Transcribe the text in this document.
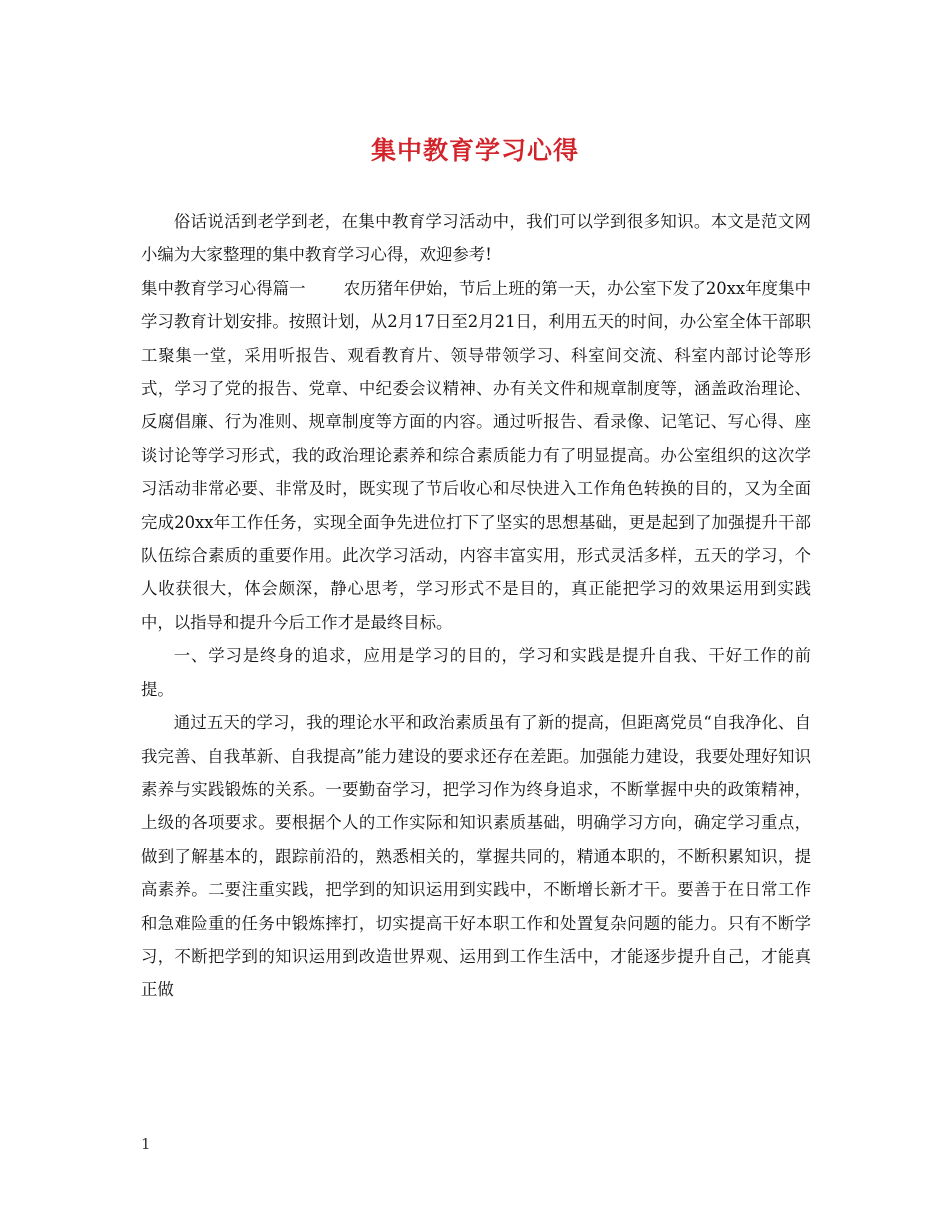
集中教育学习心得

俗话说活到老学到老，在集中教育学习活动中，我们可以学到很多知识。本文是范文网小编为大家整理的集中教育学习心得，欢迎参考!

集中教育学习心得篇一　　 农历猪年伊始，节后上班的第一天，办公室下发了20xx年度集中学习教育计划安排。按照计划，从2月17日至2月21日，利用五天的时间，办公室全体干部职工聚集一堂，采用听报告、观看教育片、领导带领学习、科室间交流、科室内部讨论等形式，学习了党的报告、党章、中纪委会议精神、办有关文件和规章制度等，涵盖政治理论、反腐倡廉、行为准则、规章制度等方面的内容。通过听报告、看录像、记笔记、写心得、座谈讨论等学习形式，我的政治理论素养和综合素质能力有了明显提高。办公室组织的这次学习活动非常必要、非常及时，既实现了节后收心和尽快进入工作角色转换的目的，又为全面完成20xx年工作任务，实现全面争先进位打下了坚实的思想基础，更是起到了加强提升干部队伍综合素质的重要作用。此次学习活动，内容丰富实用，形式灵活多样，五天的学习，个人收获很大，体会颇深，静心思考，学习形式不是目的，真正能把学习的效果运用到实践中，以指导和提升今后工作才是最终目标。

一、学习是终身的追求，应用是学习的目的，学习和实践是提升自我、干好工作的前提。

通过五天的学习，我的理论水平和政治素质虽有了新的提高，但距离党员“自我净化、自我完善、自我革新、自我提高”能力建设的要求还存在差距。加强能力建设，我要处理好知识素养与实践锻炼的关系。一要勤奋学习，把学习作为终身追求，不断掌握中央的政策精神，上级的各项要求。要根据个人的工作实际和知识素质基础，明确学习方向，确定学习重点，做到了解基本的，跟踪前沿的，熟悉相关的，掌握共同的，精通本职的，不断积累知识，提高素养。二要注重实践，把学到的知识运用到实践中，不断增长新才干。要善于在日常工作和急难险重的任务中锻炼摔打，切实提高干好本职工作和处置复杂问题的能力。只有不断学习，不断把学到的知识运用到改造世界观、运用到工作生活中，才能逐步提升自己，才能真正做

1
